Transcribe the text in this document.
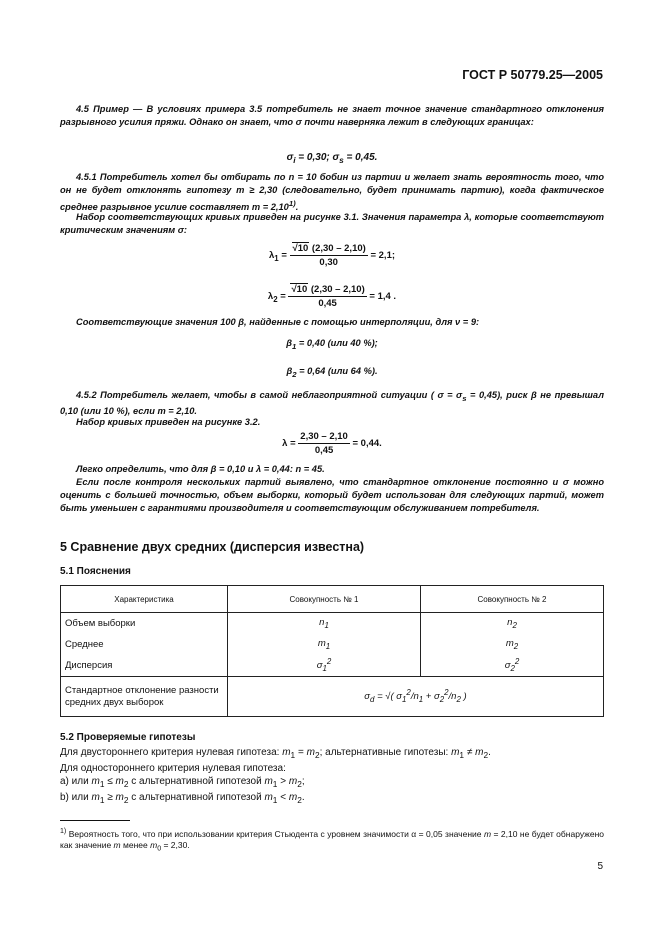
ГОСТ Р 50779.25—2005
4.5 Пример — В условиях примера 3.5 потребитель не знает точное значение стандартного отклонения разрывного усилия пряжи. Однако он знает, что σ почти наверняка лежит в следующих границах:
$\sigma_i = 0,30$; $\sigma_s = 0,45$.
4.5.1 Потребитель хотел бы отбирать по n = 10 бобин из партии и желает знать вероятность того, что он не будет отклонять гипотезу m ≥ 2,30 (следовательно, будет принимать партию), когда фактическое среднее разрывное усилие составляет $m = 2,10^{1)}$.
Набор соответствующих кривых приведен на рисунке 3.1. Значения параметра λ, которые соответствуют критическим значениям σ:
$\lambda_1 = \frac{√10 (2,30 - 2,10)}{0,30} = 2,1$;
$\lambda_2 = \frac{√10 (2,30 - 2,10)}{0,45} = 1,4$ .
Соответствующие значения 100 β, найденные с помощью интерполяции, для ν = 9:
$\beta_1 = 0,40$ (или 40 %);
$\beta_2 = 0,64$ (или 64 %).
4.5.2 Потребитель желает, чтобы в самой неблагоприятной ситуации ( $\sigma = \sigma_s = 0,45$), риск β не превышал 0,10 (или 10 %), если m = 2,10.
Набор кривых приведен на рисунке 3.2.
$\lambda = \frac{2,30 - 2,10}{0,45} = 0,44$.
Легко определить, что для β = 0,10 и λ = 0,44: n = 45.
Если после контроля нескольких партий выявлено, что стандартное отклонение постоянно и σ можно оценить с большей точностью, объем выборки, который будет использован для следующих партий, может быть уменьшен с гарантиями производителя и соответствующим обслуживанием потребителя.
5 Сравнение двух средних (дисперсия известна)
5.1 Пояснения
Характеристика	Совокупность № 1	Совокупность № 2
Объем выборки	$n_1$	$n_2$
Среднее	$m_1$	$m_2$
Дисперсия	$\sigma_1^2$	$\sigma_2^2$
Стандартное отклонение разности средних двух выборок	$\sigma_d$ = √( $\sigma_1^2/n_1 + \sigma_2^2/n_2$ )	
5.2 Проверяемые гипотезы
Для двустороннего критерия нулевая гипотеза: $m_1 = m_2$; альтернативные гипотезы: $m_1 \ne m_2$.
Для одностороннего критерия нулевая гипотеза:
a) или $m_1 \le m_2$ с альтернативной гипотезой $m_1 > m_2$;
b) или $m_1 \ge m_2$ с альтернативной гипотезой $m_1 < m_2$.
$^{1)}$ Вероятность того, что при использовании критерия Стьюдента с уровнем значимости α = 0,05 значение m = 2,10 не будет обнаружено как значение m менее $m_0 = 2,30$.
5
